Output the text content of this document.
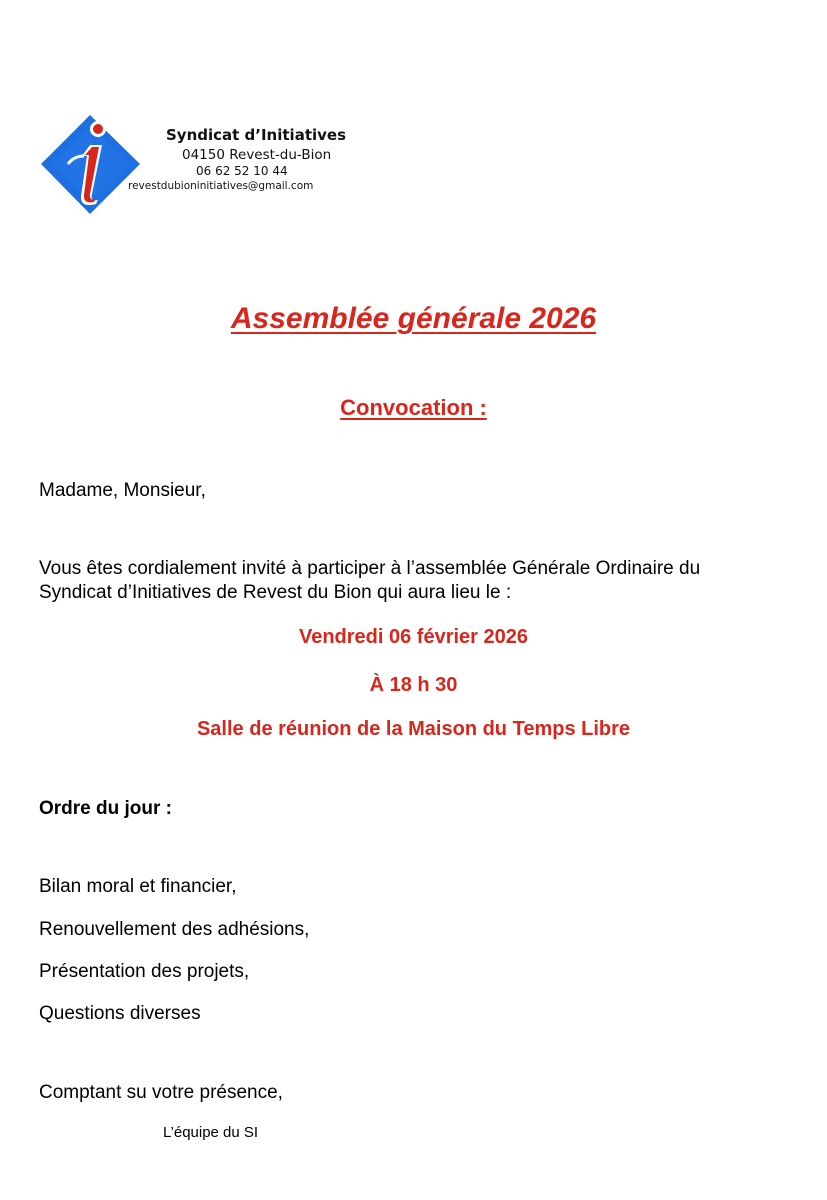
Syndicat d’Initiatives
04150 Revest-du-Bion
06 62 52 10 44
revestdubioninitiatives@gmail.com
Assemblée générale 2026
Convocation :
Madame, Monsieur,
Vous êtes cordialement invité à participer à l’assemblée Générale Ordinaire du
Syndicat d’Initiatives de Revest du Bion qui aura lieu le :
Vendredi 06 février 2026
À 18 h 30
Salle de réunion de la Maison du Temps Libre
Ordre du jour :
Bilan moral et financier,
Renouvellement des adhésions,
Présentation des projets,
Questions diverses
Comptant su votre présence,
L’équipe du SI
